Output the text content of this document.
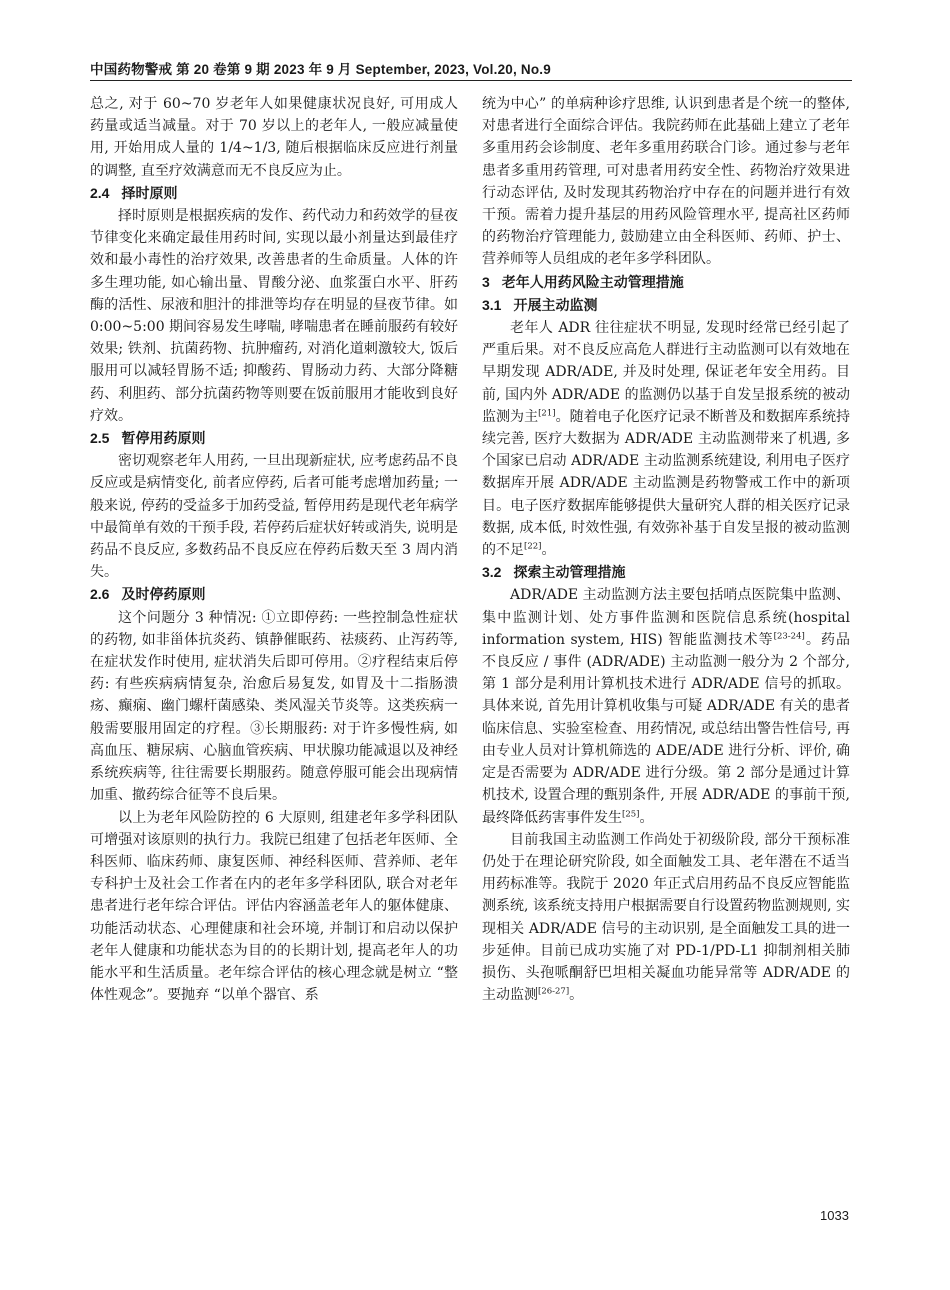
中国药物警戒 第 20 卷第 9 期 2023 年 9 月 September, 2023, Vol.20, No.9

总之, 对于 60~70 岁老年人如果健康状况良好, 可用成人药量或适当减量。对于 70 岁以上的老年人, 一般应减量使用, 开始用成人量的 1/4~1/3, 随后根据临床反应进行剂量的调整, 直至疗效满意而无不良反应为止。

2.4 择时原则

择时原则是根据疾病的发作、药代动力和药效学的昼夜节律变化来确定最佳用药时间, 实现以最小剂量达到最佳疗效和最小毒性的治疗效果, 改善患者的生命质量。人体的许多生理功能, 如心输出量、胃酸分泌、血浆蛋白水平、肝药酶的活性、尿液和胆汁的排泄等均存在明显的昼夜节律。如 0:00~5:00 期间容易发生哮喘, 哮喘患者在睡前服药有较好效果; 铁剂、抗菌药物、抗肿瘤药, 对消化道刺激较大, 饭后服用可以减轻胃肠不适; 抑酸药、胃肠动力药、大部分降糖药、利胆药、部分抗菌药物等则要在饭前服用才能收到良好疗效。

2.5 暂停用药原则

密切观察老年人用药, 一旦出现新症状, 应考虑药品不良反应或是病情变化, 前者应停药, 后者可能考虑增加药量; 一般来说, 停药的受益多于加药受益, 暂停用药是现代老年病学中最简单有效的干预手段, 若停药后症状好转或消失, 说明是药品不良反应, 多数药品不良反应在停药后数天至 3 周内消失。

2.6 及时停药原则

这个问题分 3 种情况: ①立即停药: 一些控制急性症状的药物, 如非甾体抗炎药、镇静催眠药、祛痰药、止泻药等, 在症状发作时使用, 症状消失后即可停用。②疗程结束后停药: 有些疾病病情复杂, 治愈后易复发, 如胃及十二指肠溃疡、癫痫、幽门螺杆菌感染、类风湿关节炎等。这类疾病一般需要服用固定的疗程。③长期服药: 对于许多慢性病, 如高血压、糖尿病、心脑血管疾病、甲状腺功能减退以及神经系统疾病等, 往往需要长期服药。随意停服可能会出现病情加重、撤药综合征等不良后果。

以上为老年风险防控的 6 大原则, 组建老年多学科团队可增强对该原则的执行力。我院已组建了包括老年医师、全科医师、临床药师、康复医师、神经科医师、营养师、老年专科护士及社会工作者在内的老年多学科团队, 联合对老年患者进行老年综合评估。评估内容涵盖老年人的躯体健康、功能活动状态、心理健康和社会环境, 并制订和启动以保护老年人健康和功能状态为目的的长期计划, 提高老年人的功能水平和生活质量。老年综合评估的核心理念就是树立 “整体性观念”。要抛弃 “以单个器官、系

统为中心” 的单病种诊疗思维, 认识到患者是个统一的整体, 对患者进行全面综合评估。我院药师在此基础上建立了老年多重用药会诊制度、老年多重用药联合门诊。通过参与老年患者多重用药管理, 可对患者用药安全性、药物治疗效果进行动态评估, 及时发现其药物治疗中存在的问题并进行有效干预。需着力提升基层的用药风险管理水平, 提高社区药师的药物治疗管理能力, 鼓励建立由全科医师、药师、护士、营养师等人员组成的老年多学科团队。

3 老年人用药风险主动管理措施
3.1 开展主动监测

老年人 ADR 往往症状不明显, 发现时经常已经引起了严重后果。对不良反应高危人群进行主动监测可以有效地在早期发现 ADR/ADE, 并及时处理, 保证老年安全用药。目前, 国内外 ADR/ADE 的监测仍以基于自发呈报系统的被动监测为主[21]。随着电子化医疗记录不断普及和数据库系统持续完善, 医疗大数据为 ADR/ADE 主动监测带来了机遇, 多个国家已启动 ADR/ADE 主动监测系统建设, 利用电子医疗数据库开展 ADR/ADE 主动监测是药物警戒工作中的新项目。电子医疗数据库能够提供大量研究人群的相关医疗记录数据, 成本低, 时效性强, 有效弥补基于自发呈报的被动监测的不足[22]。

3.2 探索主动管理措施

ADR/ADE 主动监测方法主要包括哨点医院集中监测、集中监测计划、处方事件监测和医院信息系统(hospital information system, HIS) 智能监测技术等[23-24]。药品不良反应 / 事件 (ADR/ADE) 主动监测一般分为 2 个部分, 第 1 部分是利用计算机技术进行 ADR/ADE 信号的抓取。具体来说, 首先用计算机收集与可疑 ADR/ADE 有关的患者临床信息、实验室检查、用药情况, 或总结出警告性信号, 再由专业人员对计算机筛选的 ADE/ADE 进行分析、评价, 确定是否需要为 ADR/ADE 进行分级。第 2 部分是通过计算机技术, 设置合理的甄别条件, 开展 ADR/ADE 的事前干预, 最终降低药害事件发生[25]。

目前我国主动监测工作尚处于初级阶段, 部分干预标准仍处于在理论研究阶段, 如全面触发工具、老年潜在不适当用药标准等。我院于 2020 年正式启用药品不良反应智能监测系统, 该系统支持用户根据需要自行设置药物监测规则, 实现相关 ADR/ADE 信号的主动识别, 是全面触发工具的进一步延伸。目前已成功实施了对 PD-1/PD-L1 抑制剂相关肺损伤、头孢哌酮舒巴坦相关凝血功能异常等 ADR/ADE 的主动监测[26-27]。

1033
